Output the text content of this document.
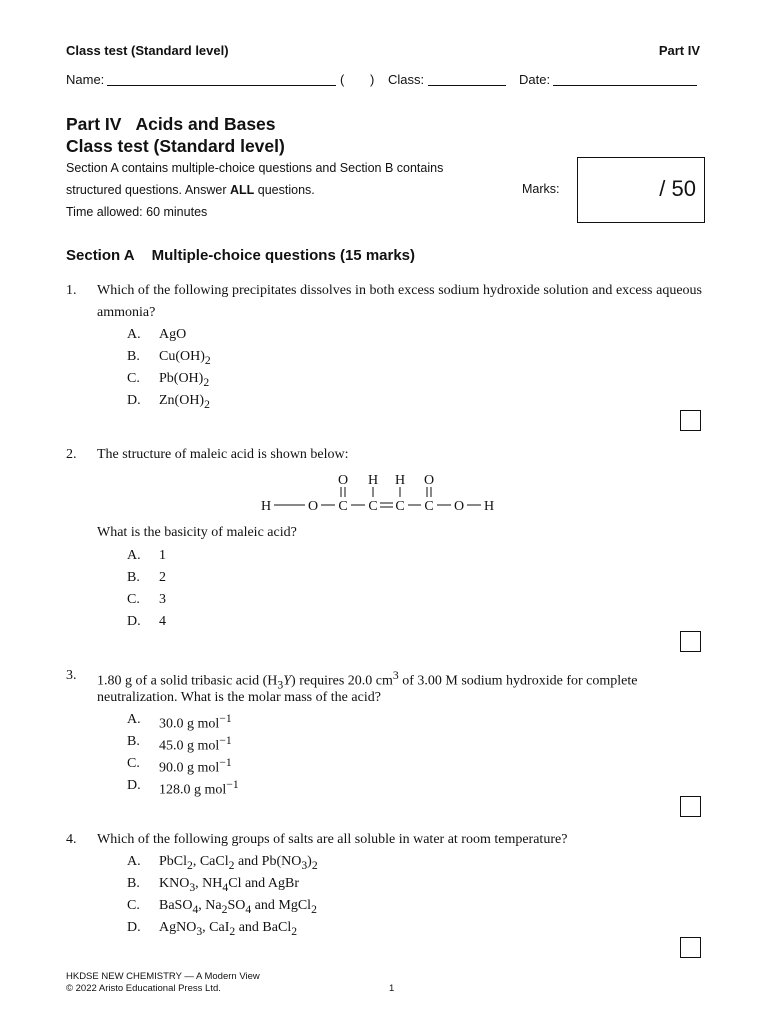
Class test (Standard level)	Part IV
Name:	( ) Class:	Date:
Part IV Acids and Bases
Class test (Standard level)
Section A contains multiple-choice questions and Section B contains
structured questions. Answer ALL questions.
Time allowed: 60 minutes
Marks:	/ 50
Section A Multiple-choice questions (15 marks)
1. Which of the following precipitates dissolves in both excess sodium hydroxide solution and excess aqueous ammonia?
A. AgO
B. $Cu(OH)_2$
C. $Pb(OH)_2$
D. $Zn(OH)_2$
2. The structure of maleic acid is shown below:
O H H O
H	O C C C C O H
What is the basicity of maleic acid?
A. 1
B. 2
C. 3
D. 4
3. 1.80 g of a solid tribasic acid $(H_3Y)$ requires 20.0 $cm^3$ of 3.00 M sodium hydroxide for complete
neutralization. What is the molar mass of the acid?
A. 30.0 g mol$^{-1}$
B. 45.0 g mol$^{-1}$
C. 90.0 g mol$^{-1}$
D. 128.0 g mol$^{-1}$
4. Which of the following groups of salts are all soluble in water at room temperature?
A. PbCl$_2$, CaCl$_2$ and $Pb(NO_3)_2$
B. $KNO_3$, $NH_4Cl$ and AgBr
C. BaSO$_4$, $Na_2SO_4$ and MgCl$_2$
D. AgNO$_3$, CaI$_2$ and BaCl$_2$
HKDSE NEW CHEMISTRY — A Modern View
© 2022 Aristo Educational Press Ltd.	1
